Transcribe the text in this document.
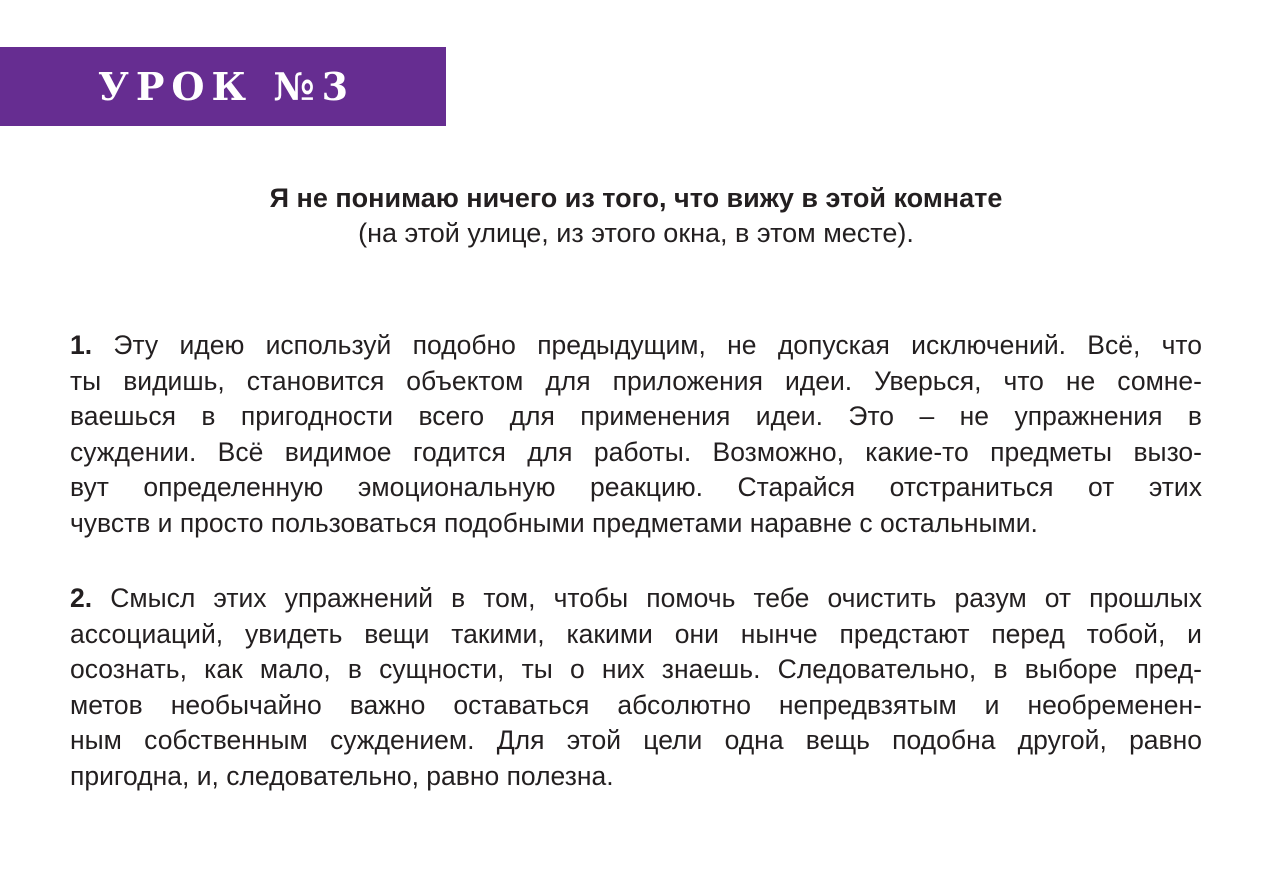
УРОК №3
Я не понимаю ничего из того, что вижу в этой комнате
(на этой улице, из этого окна, в этом месте).
1. Эту идею используй подобно предыдущим, не допуская исключений. Всё, что
ты видишь, становится объектом для приложения идеи. Уверься, что не сомне-
ваешься в пригодности всего для применения идеи. Это – не упражнения в
суждении. Всё видимое годится для работы. Возможно, какие-то предметы вызо-
вут определенную эмоциональную реакцию. Старайся отстраниться от этих
чувств и просто пользоваться подобными предметами наравне с остальными.
2. Смысл этих упражнений в том, чтобы помочь тебе очистить разум от прошлых
ассоциаций, увидеть вещи такими, какими они нынче предстают перед тобой, и
осознать, как мало, в сущности, ты о них знаешь. Следовательно, в выборе пред-
метов необычайно важно оставаться абсолютно непредвзятым и необременен-
ным собственным суждением. Для этой цели одна вещь подобна другой, равно
пригодна, и, следовательно, равно полезна.
